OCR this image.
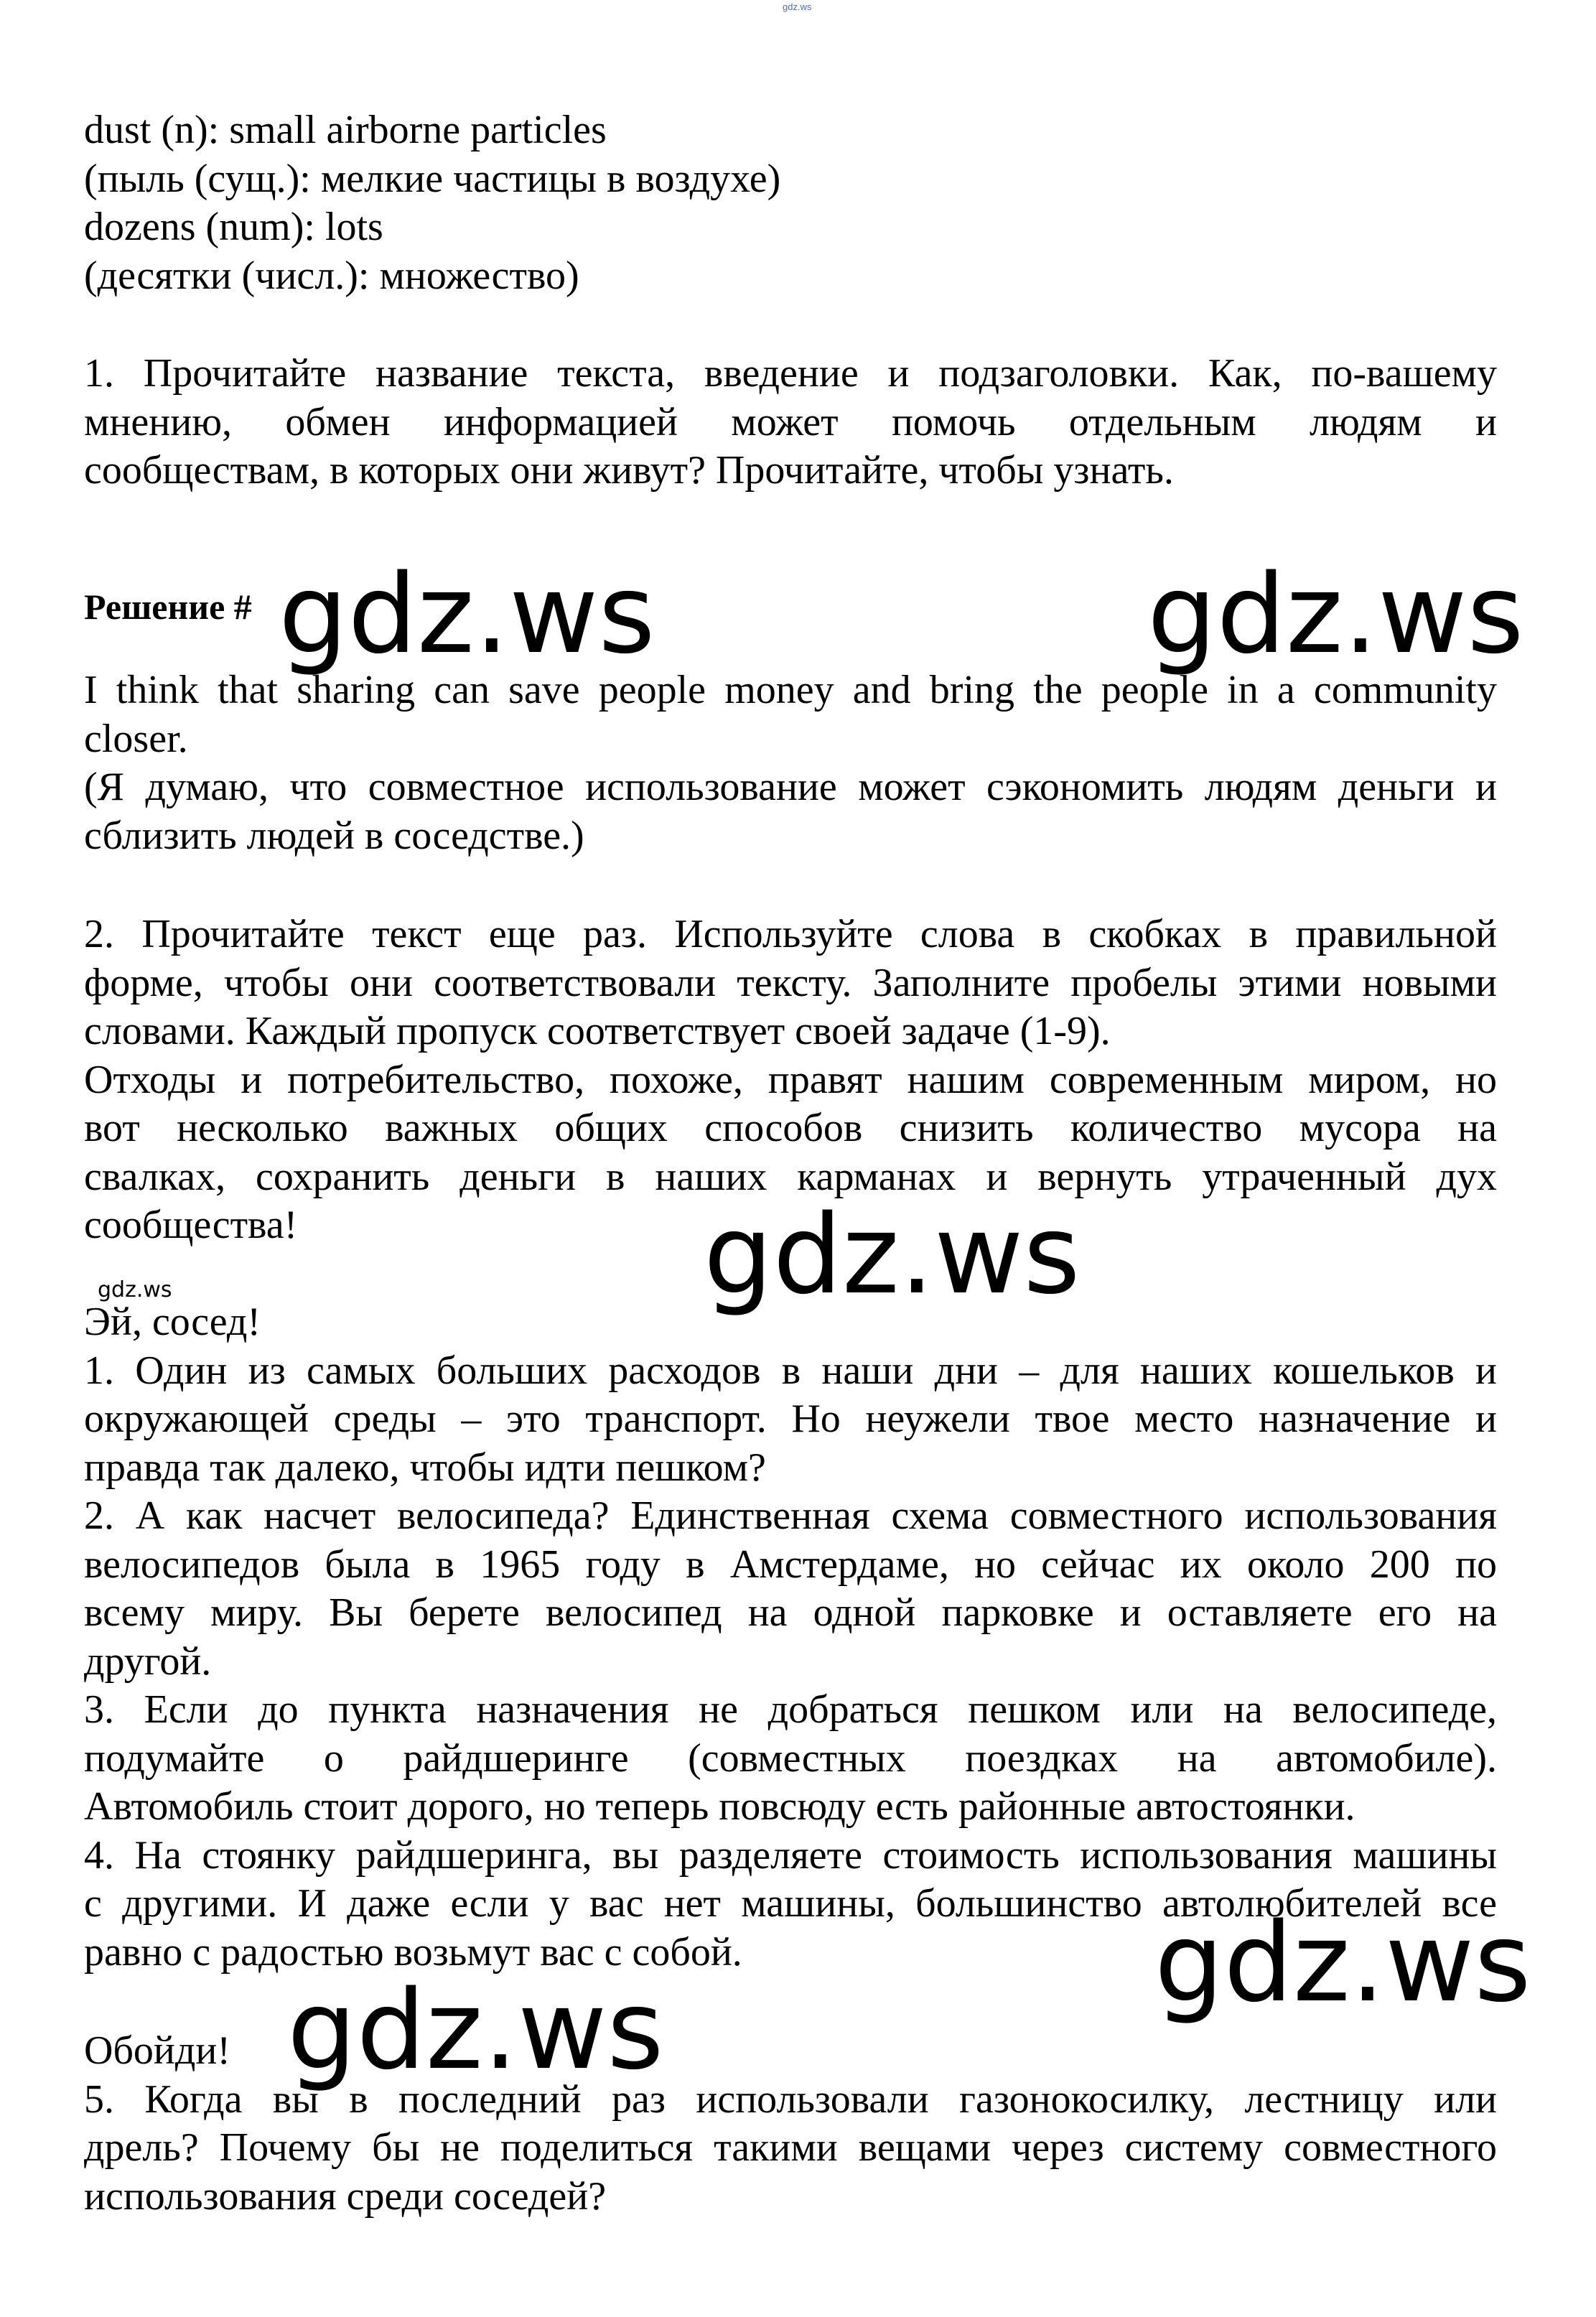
gdz.ws
dust (n): small airborne particles
(пыль (сущ.): мелкие частицы в воздухе)
dozens (num): lots
(десятки (числ.): множество)
1. Прочитайте название текста, введение и подзаголовки. Как, по-вашему
мнению, обмен информацией может помочь отдельным людям и
сообществам, в которых они живут? Прочитайте, чтобы узнать.
Решение #
I think that sharing can save people money and bring the people in a community
closer.
(Я думаю, что совместное использование может сэкономить людям деньги и
сблизить людей в соседстве.)
2. Прочитайте текст еще раз. Используйте слова в скобках в правильной
форме, чтобы они соответствовали тексту. Заполните пробелы этими новыми
словами. Каждый пропуск соответствует своей задаче (1-9).
Отходы и потребительство, похоже, правят нашим современным миром, но
вот несколько важных общих способов снизить количество мусора на
свалках, сохранить деньги в наших карманах и вернуть утраченный дух
сообщества!
Эй, сосед!
1. Один из самых больших расходов в наши дни – для наших кошельков и
окружающей среды – это транспорт. Но неужели твое место назначение и
правда так далеко, чтобы идти пешком?
2. А как насчет велосипеда? Единственная схема совместного использования
велосипедов была в 1965 году в Амстердаме, но сейчас их около 200 по
всему миру. Вы берете велосипед на одной парковке и оставляете его на
другой.
3. Если до пункта назначения не добраться пешком или на велосипеде,
подумайте о райдшеринге (совместных поездках на автомобиле).
Автомобиль стоит дорого, но теперь повсюду есть районные автостоянки.
4. На стоянку райдшеринга, вы разделяете стоимость использования машины
с другими. И даже если у вас нет машины, большинство автолюбителей все
равно с радостью возьмут вас с собой.
Обойди!
5. Когда вы в последний раз использовали газонокосилку, лестницу или
дрель? Почему бы не поделиться такими вещами через систему совместного
использования среди соседей?
gdz.ws	gdz.ws
gdz.ws
gdz.ws
gdz.ws
gdz.ws
